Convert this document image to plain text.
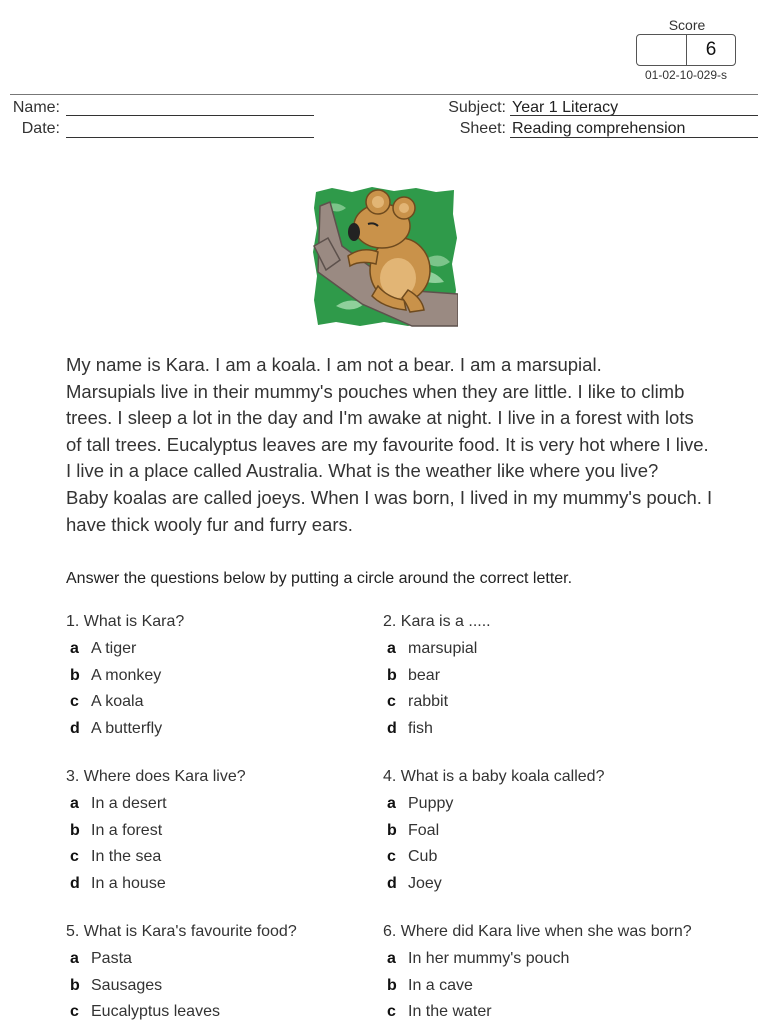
Score
6
01-02-10-029-s
Name:
Date:
Subject: Year 1 Literacy
Sheet: Reading comprehension

My name is Kara. I am a koala. I am not a bear. I am a marsupial.

Marsupials live in their mummy's pouches when they are little. I like to climb

trees. I sleep a lot in the day and I'm awake at night. I live in a forest with lots

of tall trees. Eucalyptus leaves are my favourite food. It is very hot where I live.

I live in a place called Australia. What is the weather like where you live?

Baby koalas are called joeys. When I was born, I lived in my mummy's pouch. I

have thick wooly fur and furry ears.

Answer the questions below by putting a circle around the correct letter.
1. What is Kara?
a A tiger
b A monkey
c A koala
d A butterfly
2. Kara is a .....
a marsupial
b bear
c rabbit
d fish
3. Where does Kara live?
a In a desert
b In a forest
c In the sea
d In a house
4. What is a baby koala called?
a Puppy
b Foal
c Cub
d Joey
5. What is Kara's favourite food?
a Pasta
b Sausages
c Eucalyptus leaves
6. Where did Kara live when she was born?
a In her mummy's pouch
b In a cave
c In the water
